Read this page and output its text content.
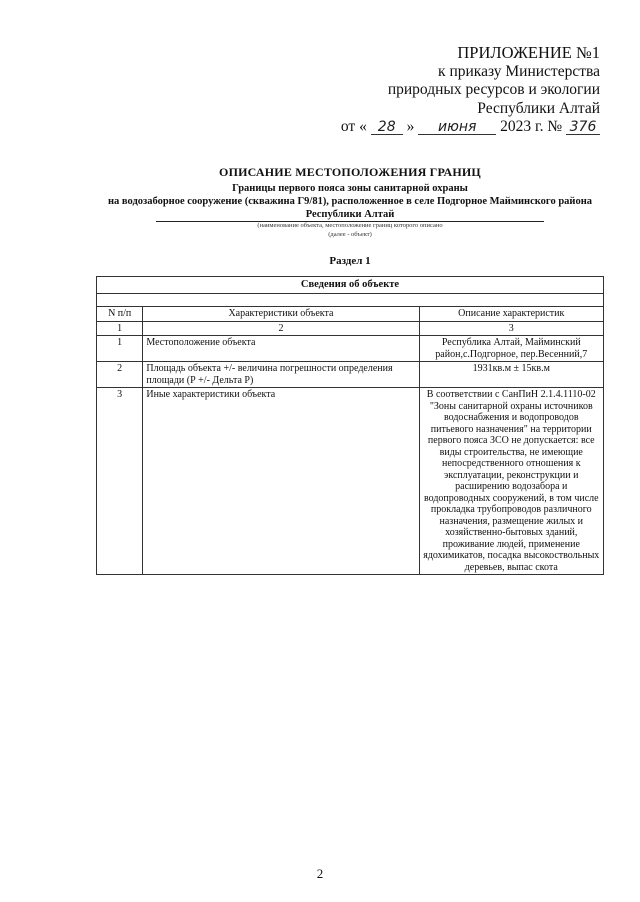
ПРИЛОЖЕНИЕ №1
к приказу Министерства
природных ресурсов и экологии
Республики Алтай
от « 28 » июня 2023 г. № 376
ОПИСАНИЕ МЕСТОПОЛОЖЕНИЯ ГРАНИЦ
Границы первого пояса зоны санитарной охраны
на водозаборное сооружение (скважина Г9/81), расположенное в селе Подгорное Майминского района
Республики Алтай
(наименование объекта, местоположение границ которого описано
(далее - объект)
Раздел 1
Сведения об объекте		

N п/п	Характеристики объекта	Описание характеристик
1	2	3
1	Местоположение объекта	Республика Алтай, Майминский район,с.Подгорное, пер.Весенний,7
2	Площадь объекта +/- величина погрешности определения площади (Р +/- Дельта Р)	1931кв.м ± 15кв.м
3	Иные характеристики объекта	В соответствии с СанПиН 2.1.4.1110-02 "Зоны санитарной охраны источников водоснабжения и водопроводов питьевого назначения" на территории первого пояса ЗСО не допускается: все виды строительства, не имеющие непосредственного отношения к эксплуатации, реконструкции и расширению водозабора и водопроводных сооружений, в том числе прокладка трубопроводов различного назначения, размещение жилых и хозяйственно-бытовых зданий, проживание людей, применение ядохимикатов, посадка высокоствольных деревьев, выпас скота
2
